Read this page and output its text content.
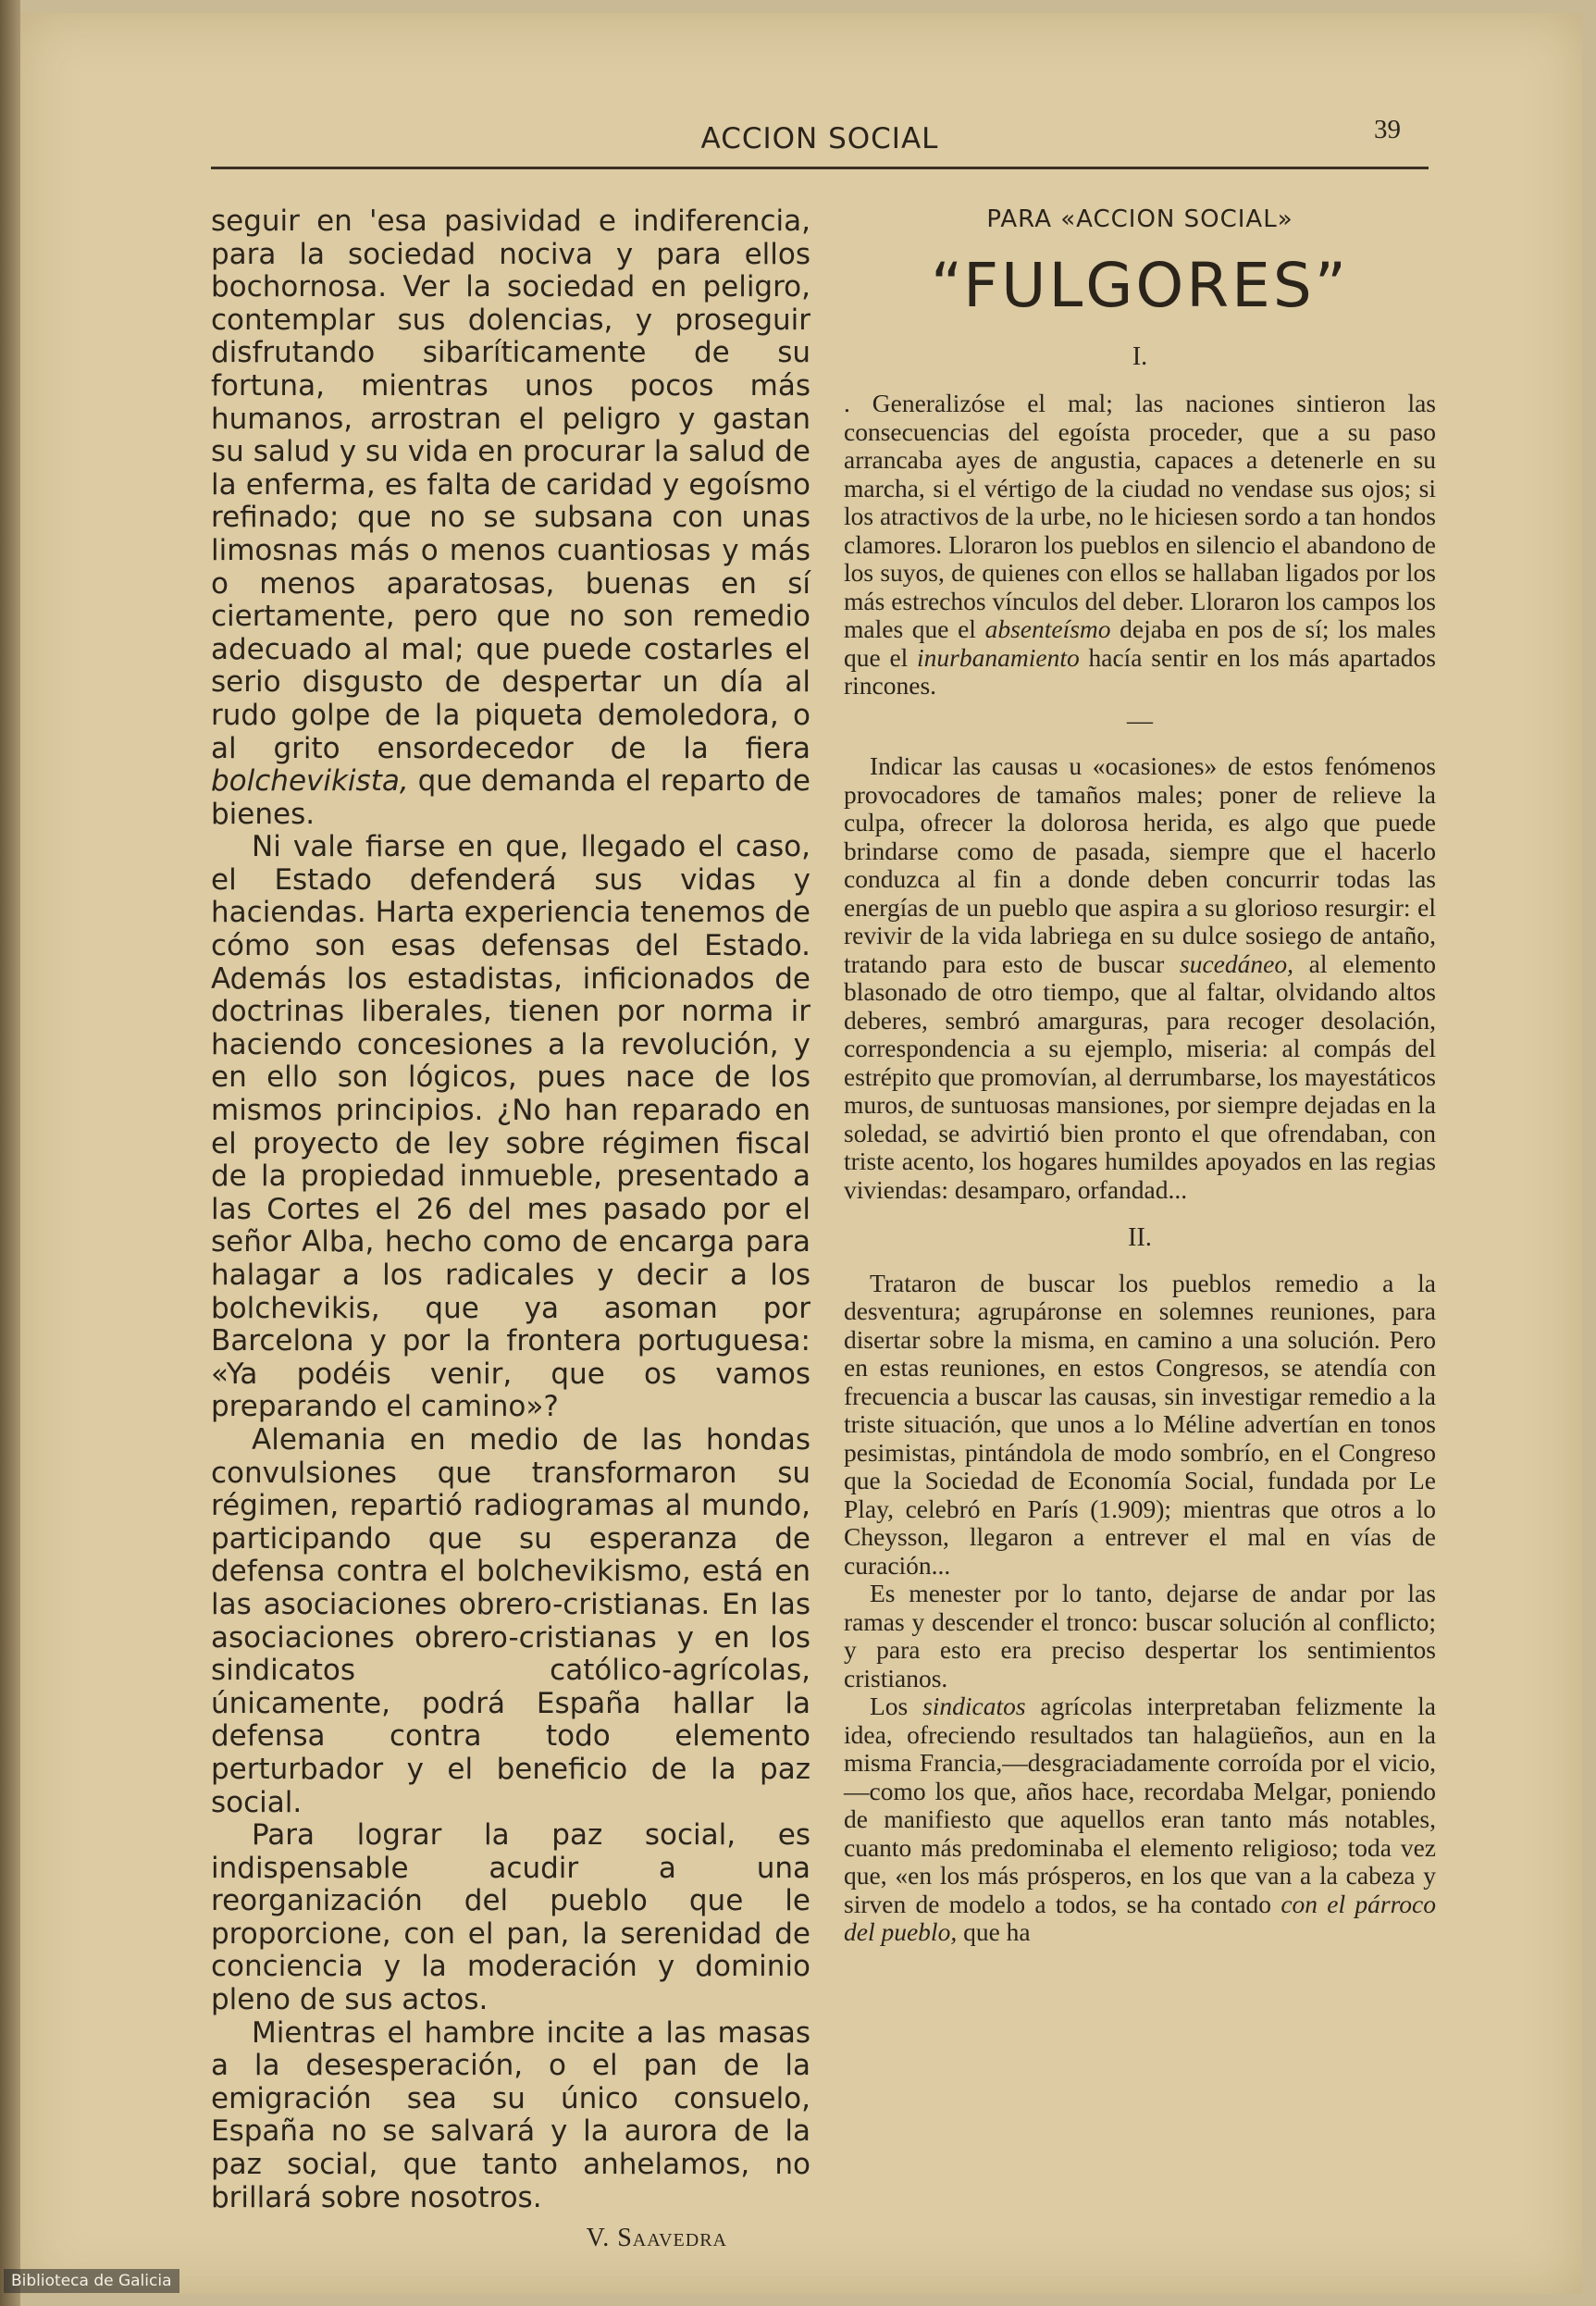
ACCION SOCIAL	39

seguir en 'esa pasividad e indiferencia, para la sociedad nociva y para ellos bochornosa. Ver la sociedad en peligro, contemplar sus dolencias, y proseguir disfrutando sibaríticamente de su fortuna, mientras unos pocos más humanos, arrostran el peligro y gastan su salud y su vida en procurar la salud de la enferma, es falta de caridad y egoísmo refinado; que no se subsana con unas limosnas más o menos cuantiosas y más o menos aparatosas, buenas en sí ciertamente, pero que no son remedio adecuado al mal; que puede costarles el serio disgusto de despertar un día al rudo golpe de la piqueta demoledora, o al grito ensordecedor de la fiera bolchevikista, que demanda el reparto de bienes.

Ni vale fiarse en que, llegado el caso, el Estado defenderá sus vidas y haciendas. Harta experiencia tenemos de cómo son esas defensas del Estado. Además los estadistas, inficionados de doctrinas liberales, tienen por norma ir haciendo concesiones a la revolución, y en ello son lógicos, pues nace de los mismos principios. ¿No han reparado en el proyecto de ley sobre régimen fiscal de la propiedad inmueble, presentado a las Cortes el 26 del mes pasado por el señor Alba, hecho como de encarga para halagar a los radicales y decir a los bolchevikis, que ya asoman por Barcelona y por la frontera portuguesa: «Ya podéis venir, que os vamos preparando el camino»?

Alemania en medio de las hondas convulsiones que transformaron su régimen, repartió radiogramas al mundo, participando que su esperanza de defensa contra el bolchevikismo, está en las asociaciones obrero-cristianas. En las asociaciones obrero-cristianas y en los sindicatos católico-agrícolas, únicamente, podrá España hallar la defensa contra todo elemento perturbador y el beneficio de la paz social.

Para lograr la paz social, es indispensable acudir a una reorganización del pueblo que le proporcione, con el pan, la serenidad de conciencia y la moderación y dominio pleno de sus actos.

Mientras el hambre incite a las masas a la desesperación, o el pan de la emigración sea su único consuelo, España no se salvará y la aurora de la paz social, que tanto anhelamos, no brillará sobre nosotros.

V. Saavedra

PARA «ACCION SOCIAL»

“FULGORES”

I.

. Generalizóse el mal; las naciones sintieron las consecuencias del egoísta proceder, que a su paso arrancaba ayes de angustia, capaces a detenerle en su marcha, si el vértigo de la ciudad no vendase sus ojos; si los atractivos de la urbe, no le hiciesen sordo a tan hondos clamores. Lloraron los pueblos en silencio el abandono de los suyos, de quienes con ellos se hallaban ligados por los más estrechos vínculos del deber. Lloraron los campos los males que el absenteísmo dejaba en pos de sí; los males que el inurbanamiento hacía sentir en los más apartados rincones.

—

Indicar las causas u «ocasiones» de estos fenómenos provocadores de tamaños males; poner de relieve la culpa, ofrecer la dolorosa herida, es algo que puede brindarse como de pasada, siempre que el hacerlo conduzca al fin a donde deben concurrir todas las energías de un pueblo que aspira a su glorioso resurgir: el revivir de la vida labriega en su dulce sosiego de antaño, tratando para esto de buscar sucedáneo, al elemento blasonado de otro tiempo, que al faltar, olvidando altos deberes, sembró amarguras, para recoger desolación, correspondencia a su ejemplo, miseria: al compás del estrépito que promovían, al derrumbarse, los mayestáticos muros, de suntuosas mansiones, por siempre dejadas en la soledad, se advirtió bien pronto el que ofrendaban, con triste acento, los hogares humildes apoyados en las regias viviendas: desamparo, orfandad...

II.

Trataron de buscar los pueblos remedio a la desventura; agrupáronse en solemnes reuniones, para disertar sobre la misma, en camino a una solución. Pero en estas reuniones, en estos Congresos, se atendía con frecuencia a buscar las causas, sin investigar remedio a la triste situación, que unos a lo Méline advertían en tonos pesimistas, pintándola de modo sombrío, en el Congreso que la Sociedad de Economía Social, fundada por Le Play, celebró en París (1.909); mientras que otros a lo Cheysson, llegaron a entrever el mal en vías de curación...

Es menester por lo tanto, dejarse de andar por las ramas y descender el tronco: buscar solución al conflicto; y para esto era preciso despertar los sentimientos cristianos.

Los sindicatos agrícolas interpretaban felizmente la idea, ofreciendo resultados tan halagüeños, aun en la misma Francia,—desgraciadamente corroída por el vicio,—como los que, años hace, recordaba Melgar, poniendo de manifiesto que aquellos eran tanto más notables, cuanto más predominaba el elemento religioso; toda vez que, «en los más prósperos, en los que van a la cabeza y sirven de modelo a todos, se ha contado con el párroco del pueblo, que ha

Biblioteca de Galicia
